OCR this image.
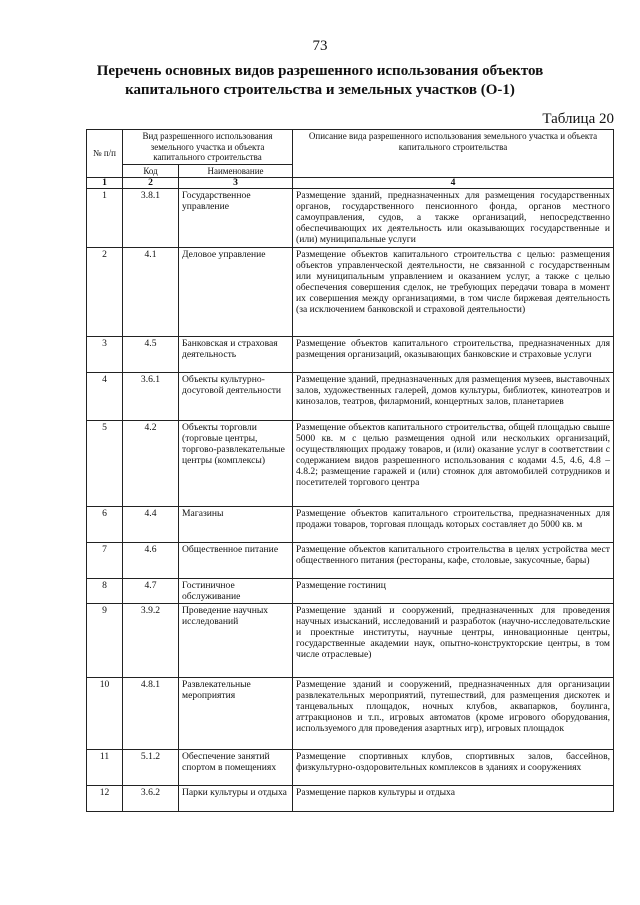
73
Перечень основных видов разрешенного использования объектов
капитального строительства и земельных участков (О-1)
Таблица 20
№ п/п	Вид разрешенного использования земельного участка и объекта капитального строительства		Описание вида разрешенного использования земельного участка и объекта капитального строительства
	Код	Наименование	
1	2	3	4
1	3.8.1	Государственное управление	Размещение зданий, предназначенных для размещения государственных органов, государственного пенсионного фонда, органов местного самоуправления, судов, а также организаций, непосредственно обеспечивающих их деятельность или оказывающих государственные и (или) муниципальные услуги
2	4.1	Деловое управление	Размещение объектов капитального строительства с целью: размещения объектов управленческой деятельности, не связанной с государственным или муниципальным управлением и оказанием услуг, а также с целью обеспечения совершения сделок, не требующих передачи товара в момент их совершения между организациями, в том числе биржевая деятельность (за исключением банковской и страховой деятельности)
3	4.5	Банковская и страховая деятельность	Размещение объектов капитального строительства, предназначенных для размещения организаций, оказывающих банковские и страховые услуги
4	3.6.1	Объекты культурно-досуговой деятельности	Размещение зданий, предназначенных для размещения музеев, выставочных залов, художественных галерей, домов культуры, библиотек, кинотеатров и кинозалов, театров, филармоний, концертных залов, планетариев
5	4.2	Объекты торговли (торговые центры, торгово-развлекательные центры (комплексы)	Размещение объектов капитального строительства, общей площадью свыше 5000 кв. м с целью размещения одной или нескольких организаций, осуществляющих продажу товаров, и (или) оказание услуг в соответствии с содержанием видов разрешенного использования с кодами 4.5, 4.6, 4.8 – 4.8.2; размещение гаражей и (или) стоянок для автомобилей сотрудников и посетителей торгового центра
6	4.4	Магазины	Размещение объектов капитального строительства, предназначенных для продажи товаров, торговая площадь которых составляет до 5000 кв. м
7	4.6	Общественное питание	Размещение объектов капитального строительства в целях устройства мест общественного питания (рестораны, кафе, столовые, закусочные, бары)
8	4.7	Гостиничное обслуживание	Размещение гостиниц
9	3.9.2	Проведение научных исследований	Размещение зданий и сооружений, предназначенных для проведения научных изысканий, исследований и разработок (научно-исследовательские и проектные институты, научные центры, инновационные центры, государственные академии наук, опытно-конструкторские центры, в том числе отраслевые)
10	4.8.1	Развлекательные мероприятия	Размещение зданий и сооружений, предназначенных для организации развлекательных мероприятий, путешествий, для размещения дискотек и танцевальных площадок, ночных клубов, аквапарков, боулинга, аттракционов и т.п., игровых автоматов (кроме игрового оборудования, используемого для проведения азартных игр), игровых площадок
11	5.1.2	Обеспечение занятий спортом в помещениях	Размещение спортивных клубов, спортивных залов, бассейнов, физкультурно-оздоровительных комплексов в зданиях и сооружениях
12	3.6.2	Парки культуры и отдыха	Размещение парков культуры и отдыха
